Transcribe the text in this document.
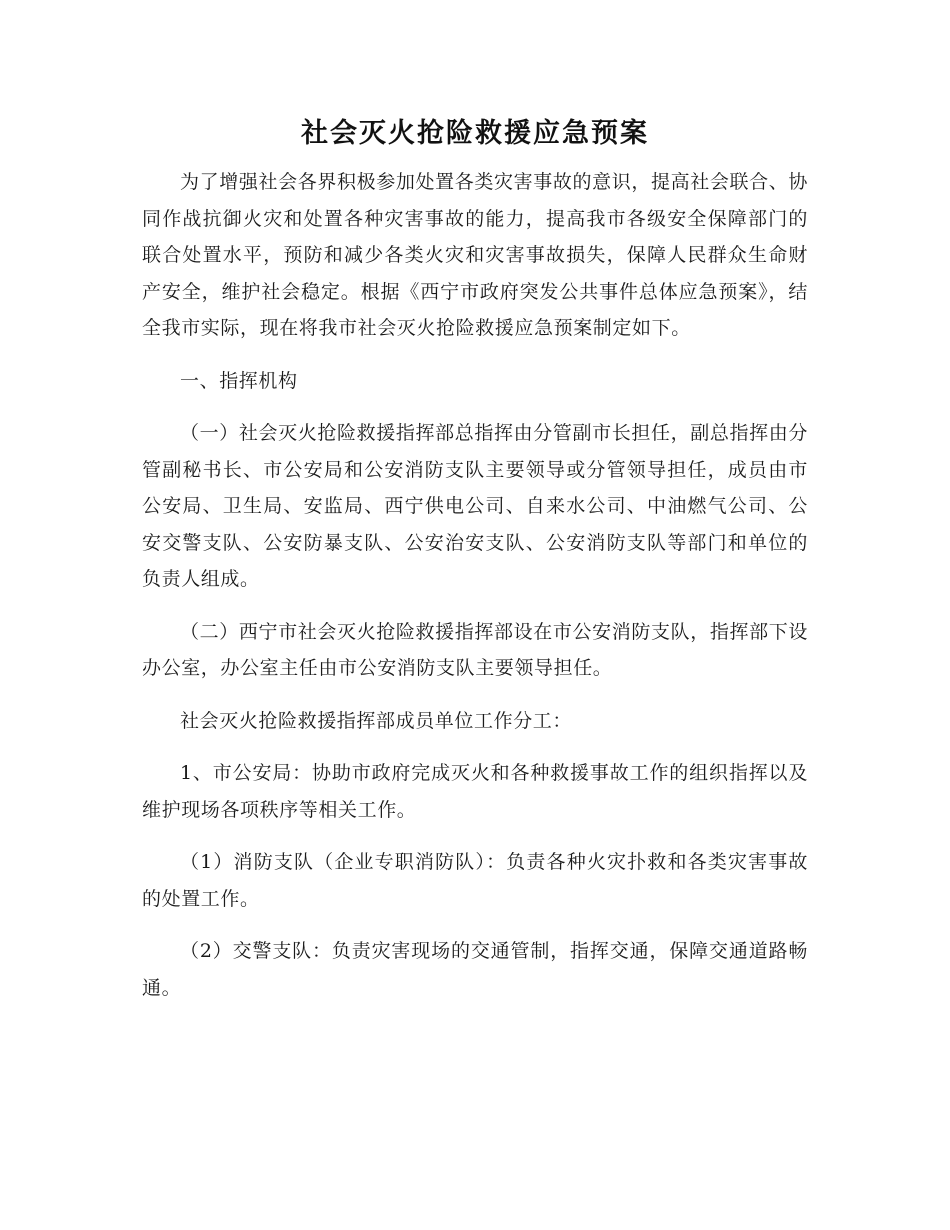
社会灭火抢险救援应急预案

为了增强社会各界积极参加处置各类灾害事故的意识，提高社会联合、协同作战抗御火灾和处置各种灾害事故的能力，提高我市各级安全保障部门的联合处置水平，预防和减少各类火灾和灾害事故损失，保障人民群众生命财产安全，维护社会稳定。根据《西宁市政府突发公共事件总体应急预案》，结全我市实际，现在将我市社会灭火抢险救援应急预案制定如下。

一、指挥机构

（一）社会灭火抢险救援指挥部总指挥由分管副市长担任，副总指挥由分管副秘书长、市公安局和公安消防支队主要领导或分管领导担任，成员由市公安局、卫生局、安监局、西宁供电公司、自来水公司、中油燃气公司、公安交警支队、公安防暴支队、公安治安支队、公安消防支队等部门和单位的负责人组成。

（二）西宁市社会灭火抢险救援指挥部设在市公安消防支队，指挥部下设办公室，办公室主任由市公安消防支队主要领导担任。

社会灭火抢险救援指挥部成员单位工作分工：

1、市公安局：协助市政府完成灭火和各种救援事故工作的组织指挥以及维护现场各项秩序等相关工作。

（1）消防支队（企业专职消防队）：负责各种火灾扑救和各类灾害事故的处置工作。

（2）交警支队：负责灾害现场的交通管制，指挥交通，保障交通道路畅通。
